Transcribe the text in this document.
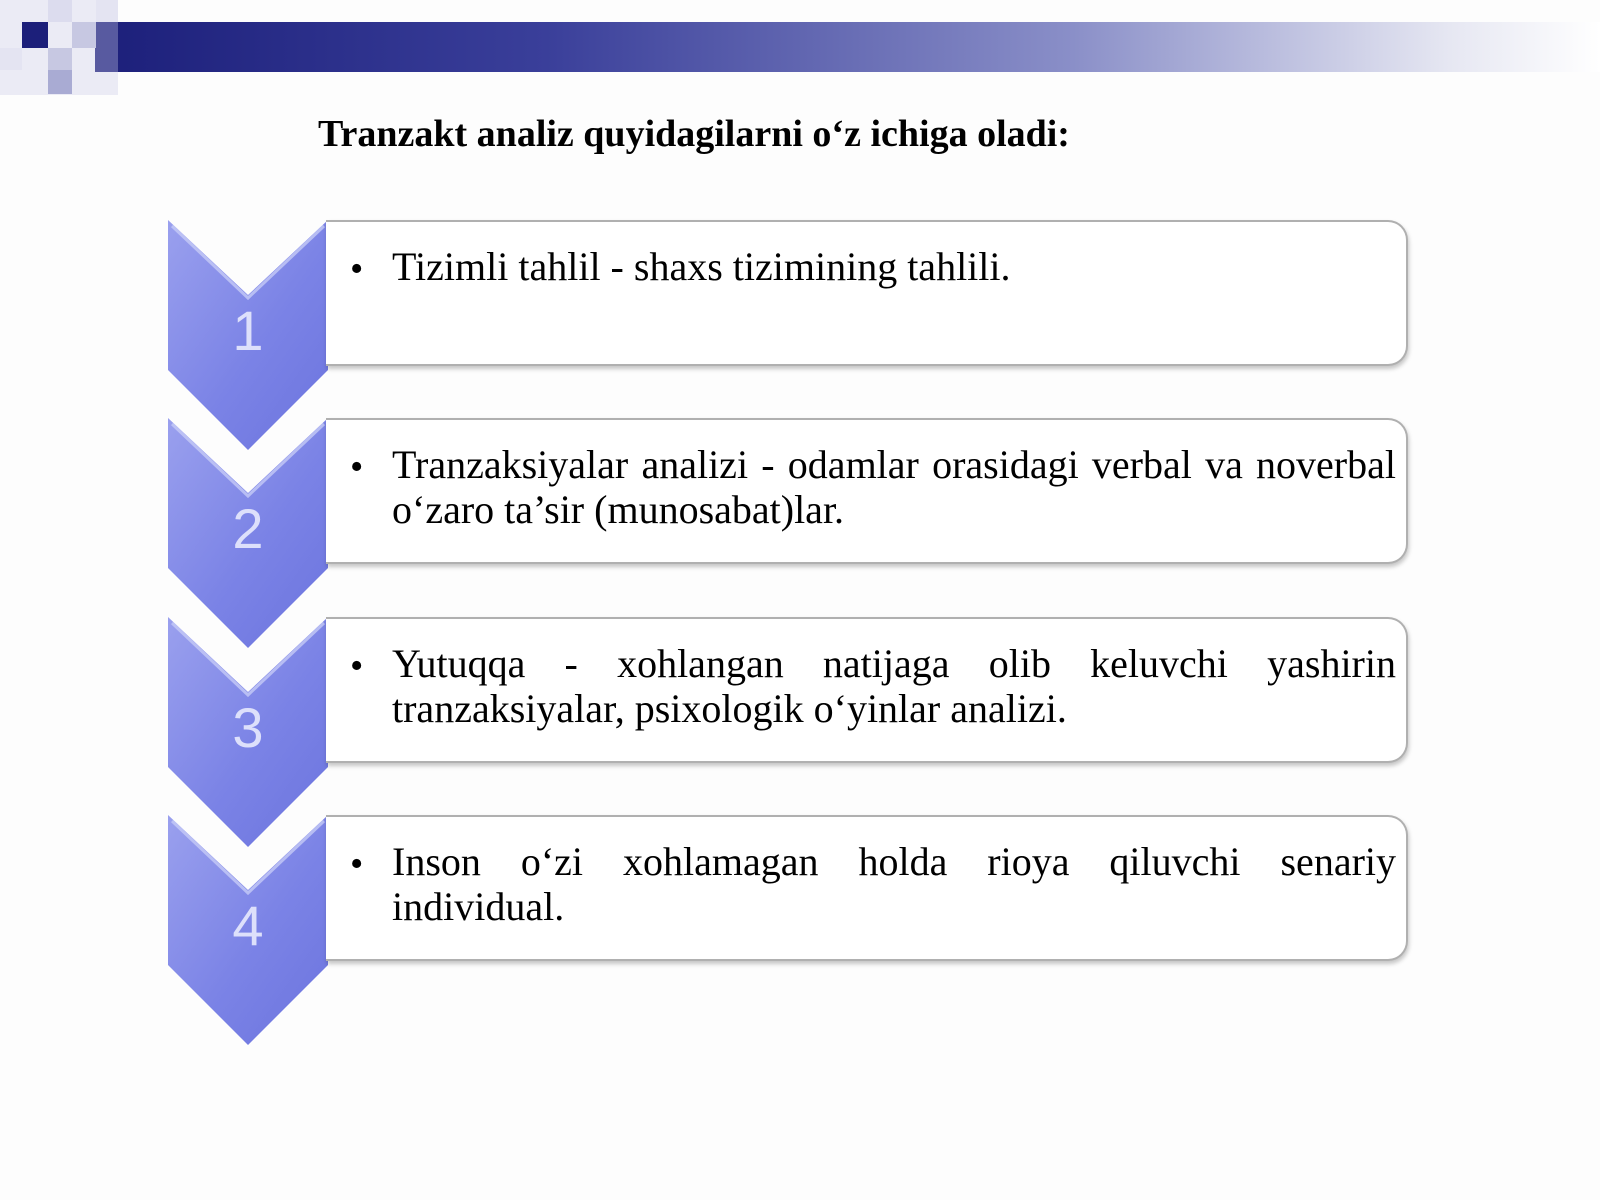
Tranzakt analiz quyidagilarni o‘z ichiga oladi:
1
• Tizimli tahlil - shaxs tizimining tahlili.
2
• Tranzaksiyalar analizi - odamlar orasidagi verbal va noverbal o‘zaro ta’sir (munosabat)lar.
3
• Yutuqqa - xohlangan natijaga olib keluvchi yashirin tranzaksiyalar, psixologik o‘yinlar analizi.
4
• Inson o‘zi xohlamagan holda rioya qiluvchi senariy individual.
